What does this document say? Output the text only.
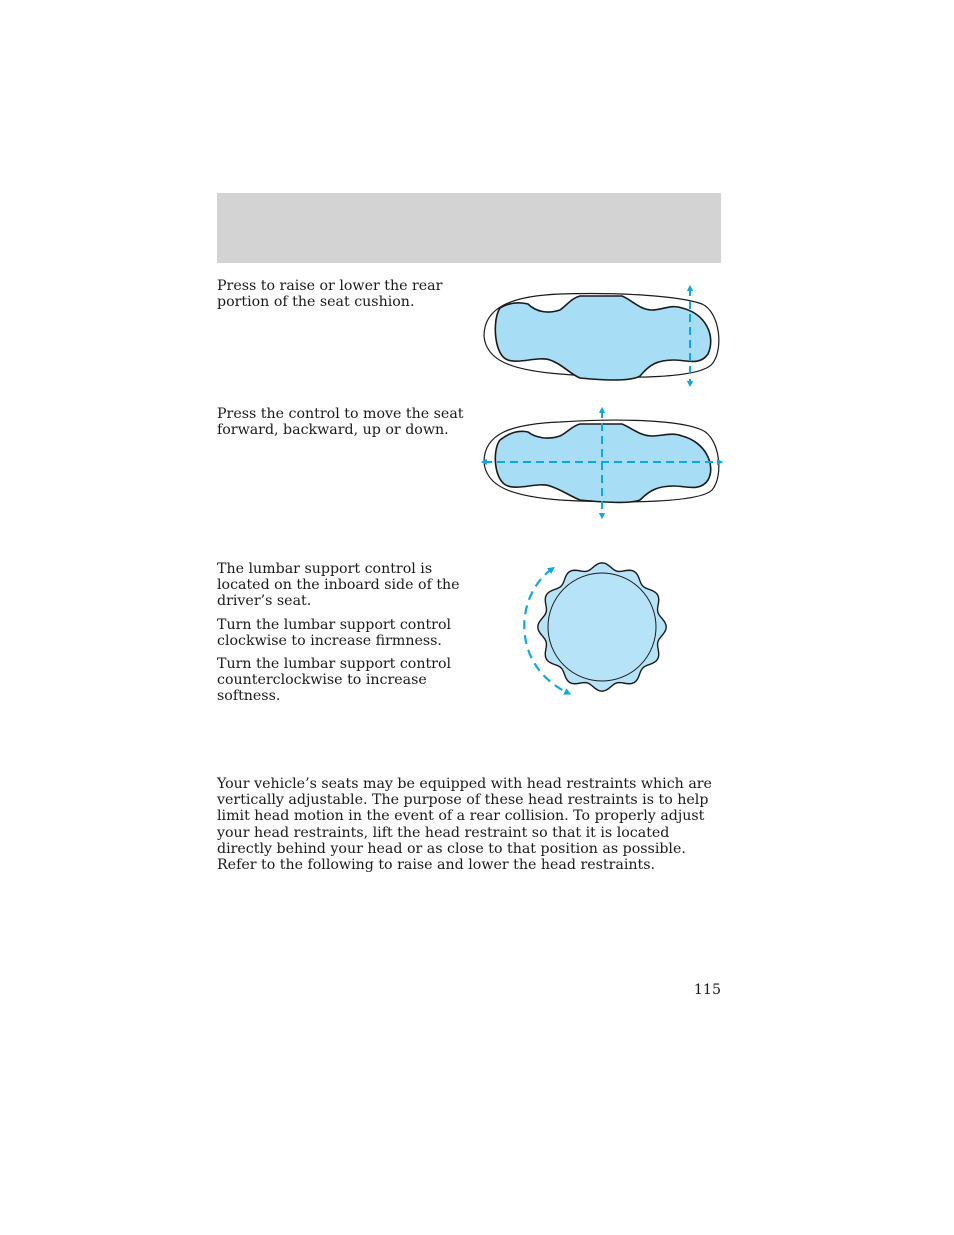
Press to raise or lower the rear portion of the seat cushion.

Press the control to move the seat forward, backward, up or down.

The lumbar support control is located on the inboard side of the driver’s seat.

Turn the lumbar support control clockwise to increase firmness.

Turn the lumbar support control counterclockwise to increase softness.

Your vehicle’s seats may be equipped with head restraints which are vertically adjustable. The purpose of these head restraints is to help limit head motion in the event of a rear collision. To properly adjust your head restraints, lift the head restraint so that it is located directly behind your head or as close to that position as possible. Refer to the following to raise and lower the head restraints.

115
